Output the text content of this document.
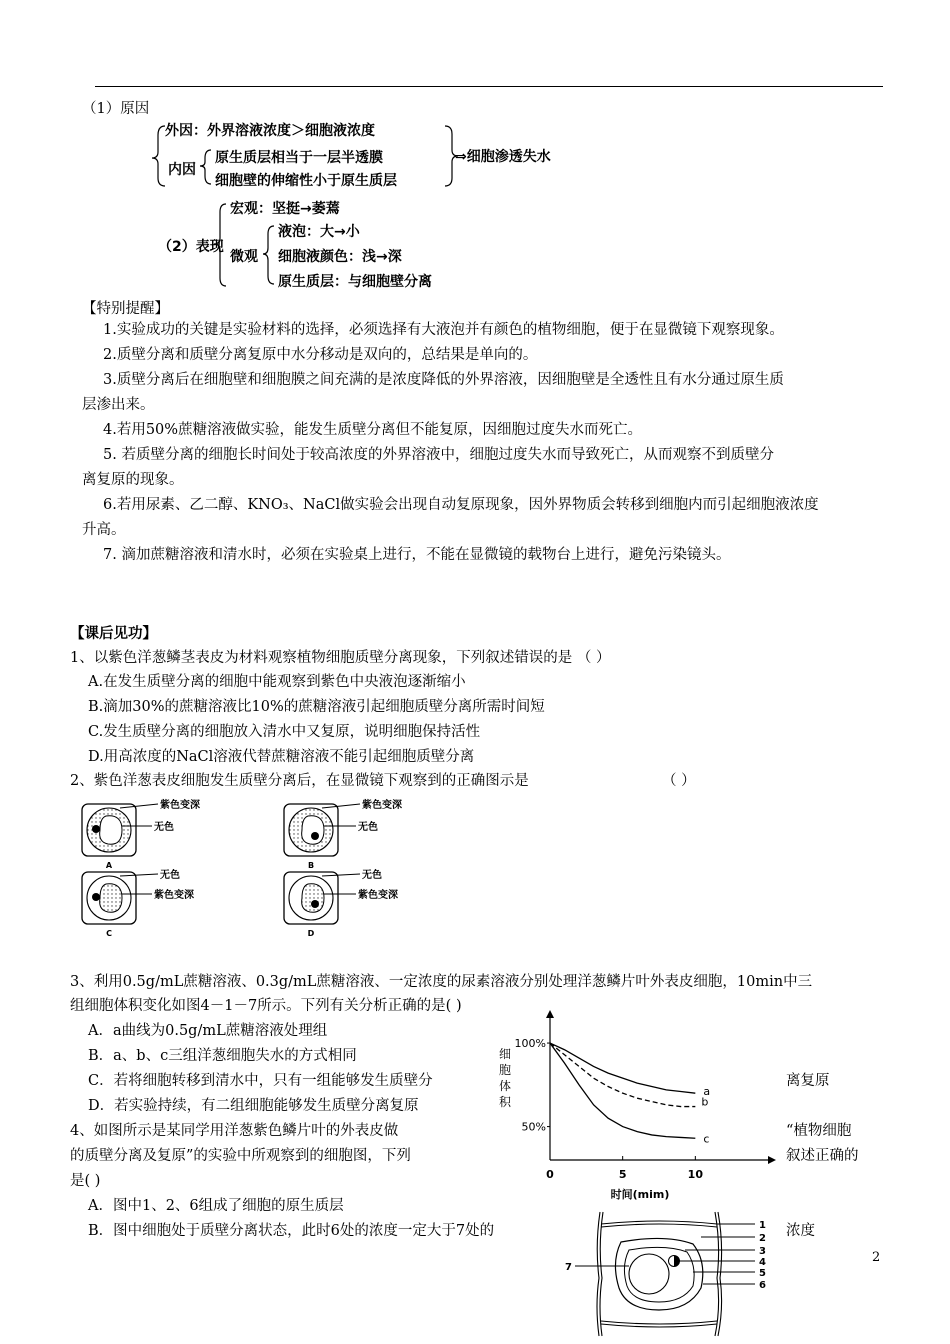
（1）原因
外因：外界溶液浓度＞细胞液浓度
内因
原生质层相当于一层半透膜
细胞壁的伸缩性小于原生质层
⇒细胞渗透失水
宏观：坚挺→萎蔫
（2）表现
微观
液泡：大→小
细胞液颜色：浅→深
原生质层：与细胞壁分离
【特别提醒】
1.实验成功的关键是实验材料的选择，必须选择有大液泡并有颜色的植物细胞，便于在显微镜下观察现象。
2.质壁分离和质壁分离复原中水分移动是双向的，总结果是单向的。
3.质壁分离后在细胞壁和细胞膜之间充满的是浓度降低的外界溶液，因细胞壁是全透性且有水分通过原生质
层渗出来。
4.若用50%蔗糖溶液做实验，能发生质壁分离但不能复原，因细胞过度失水而死亡。
5. 若质壁分离的细胞长时间处于较高浓度的外界溶液中，细胞过度失水而导致死亡，从而观察不到质壁分
离复原的现象。
6.若用尿素、乙二醇、KNO₃、NaCl做实验会出现自动复原现象，因外界物质会转移到细胞内而引起细胞液浓度
升高。
7. 滴加蔗糖溶液和清水时，必须在实验桌上进行，不能在显微镜的载物台上进行，避免污染镜头。
【课后见功】
1、以紫色洋葱鳞茎表皮为材料观察植物细胞质壁分离现象，下列叙述错误的是 （ ）
A.在发生质壁分离的细胞中能观察到紫色中央液泡逐渐缩小
B.滴加30%的蔗糖溶液比10%的蔗糖溶液引起细胞质壁分离所需时间短
C.发生质壁分离的细胞放入清水中又复原，说明细胞保持活性
D.用高浓度的NaCl溶液代替蔗糖溶液不能引起细胞质壁分离
2、紫色洋葱表皮细胞发生质壁分离后，在显微镜下观察到的正确图示是	（ ）
紫色变深
无色
A
紫色变深
无色
B
无色
紫色变深
C
无色
紫色变深
D
3、利用0.5g/mL蔗糖溶液、0.3g/mL蔗糖溶液、一定浓度的尿素溶液分别处理洋葱鳞片叶外表皮细胞，10min中三
组细胞体积变化如图4－1－7所示。下列有关分析正确的是( )
A．a曲线为0.5g/mL蔗糖溶液处理组
B．a、b、c三组洋葱细胞失水的方式相同
C．若将细胞转移到清水中，只有一组能够发生质壁分	离复原
D．若实验持续，有二组细胞能够发生质壁分离复原
4、如图所示是某同学用洋葱紫色鳞片叶的外表皮做	“植物细胞
的质壁分离及复原”的实验中所观察到的细胞图，下列	叙述正确的
是( )
A．图中1、2、6组成了细胞的原生质层
B．图中细胞处于质壁分离状态，此时6处的浓度一定大于7处的	浓度
a
b
c
100%
50%
0	5	10
细
胞
体
积
时间(mim)
1
2
3
4
5
6
7
2
